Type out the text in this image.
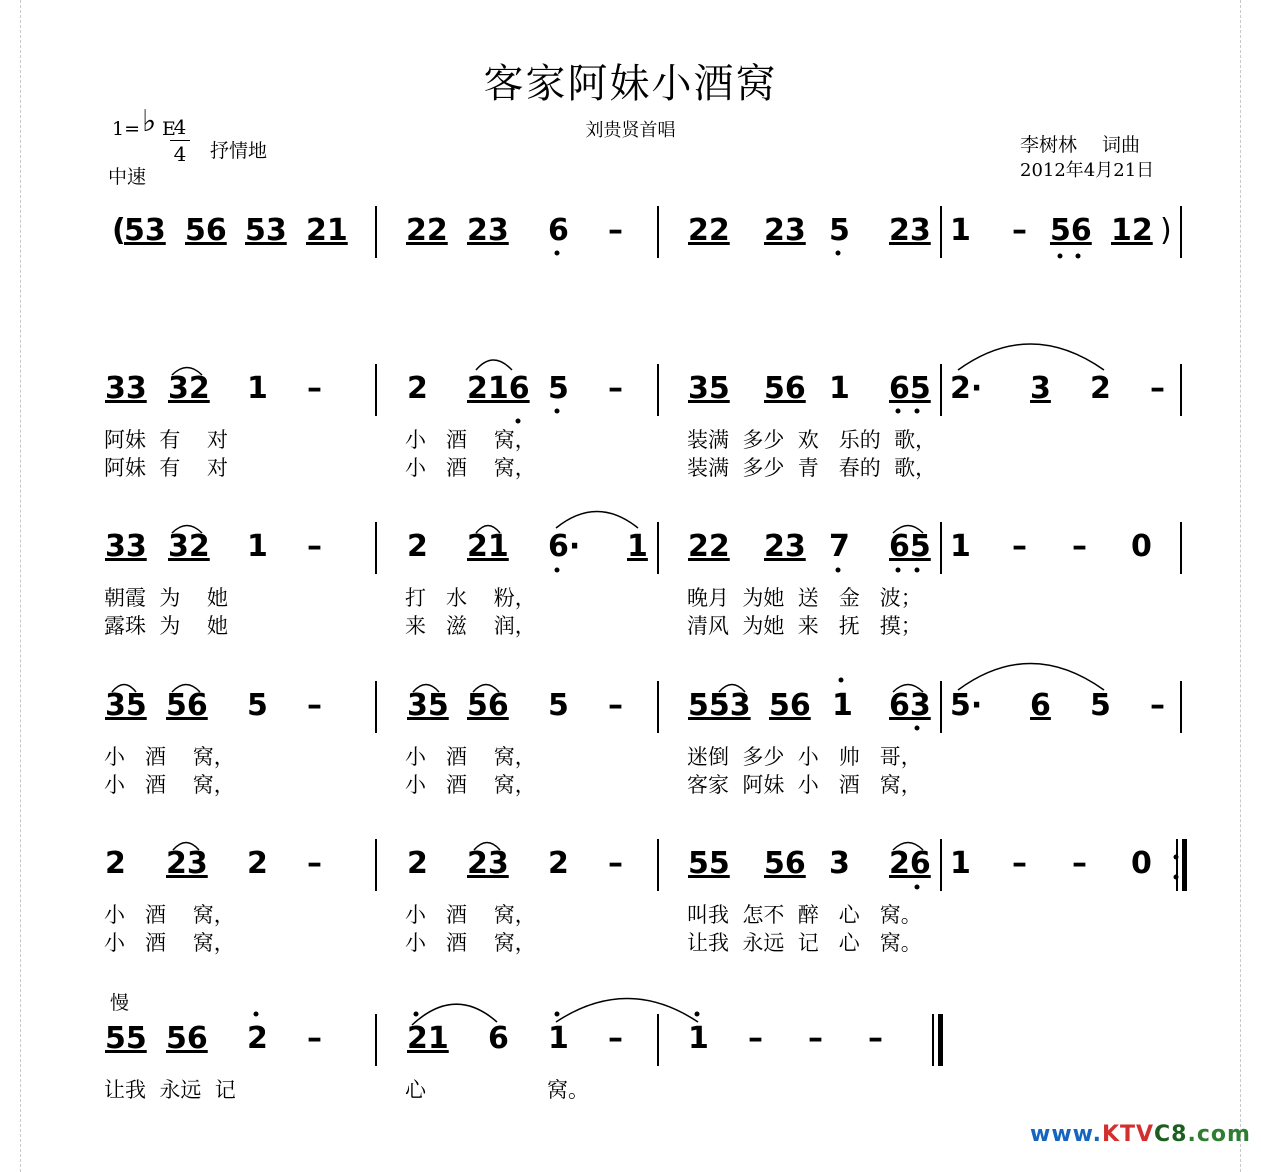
客家阿妹小酒窝
刘贵贤首唱
1= E
♭ 4
4 抒情地
中速
李树林　 词曲
2012年4月21日
(
53 56 53 21 22 23 6 – 22 23 5 23 1 – 56 12 )
33 32 1 –	2 216 5 – 35 56 1 65 2· 3 2 –
阿妹  有    对	小   酒    窝，	装满  多少  欢   乐的  歌，
阿妹  有    对	小   酒    窝，	装满  多少  青   春的  歌，
33 32 1 –	2 21 6· 1 22 23 7 65 1 – – 0
朝霞  为    她	打   水    粉，	晚月  为她  送   金   波；
露珠  为    她	来   滋    润，	清风  为她  来   抚   摸；
35 56 5 –	35 56 5 – 553 56 1 63 5· 6 5 –
小   酒    窝，	小   酒    窝，	迷倒  多少  小   帅   哥，
小   酒    窝，	小   酒    窝，	客家  阿妹  小   酒   窝，
2 23 2 –	2 23 2 – 55 56 3 26 1 – – 0
小   酒    窝，	小   酒    窝，	叫我  怎不  醉   心   窝。
小   酒    窝，	小   酒    窝，	让我  永远  记   心   窝。
慢
55 56 2 –	21 6 1 – 1 – – –
让我  永远  记	心	窝。
www.KTVC8.com
